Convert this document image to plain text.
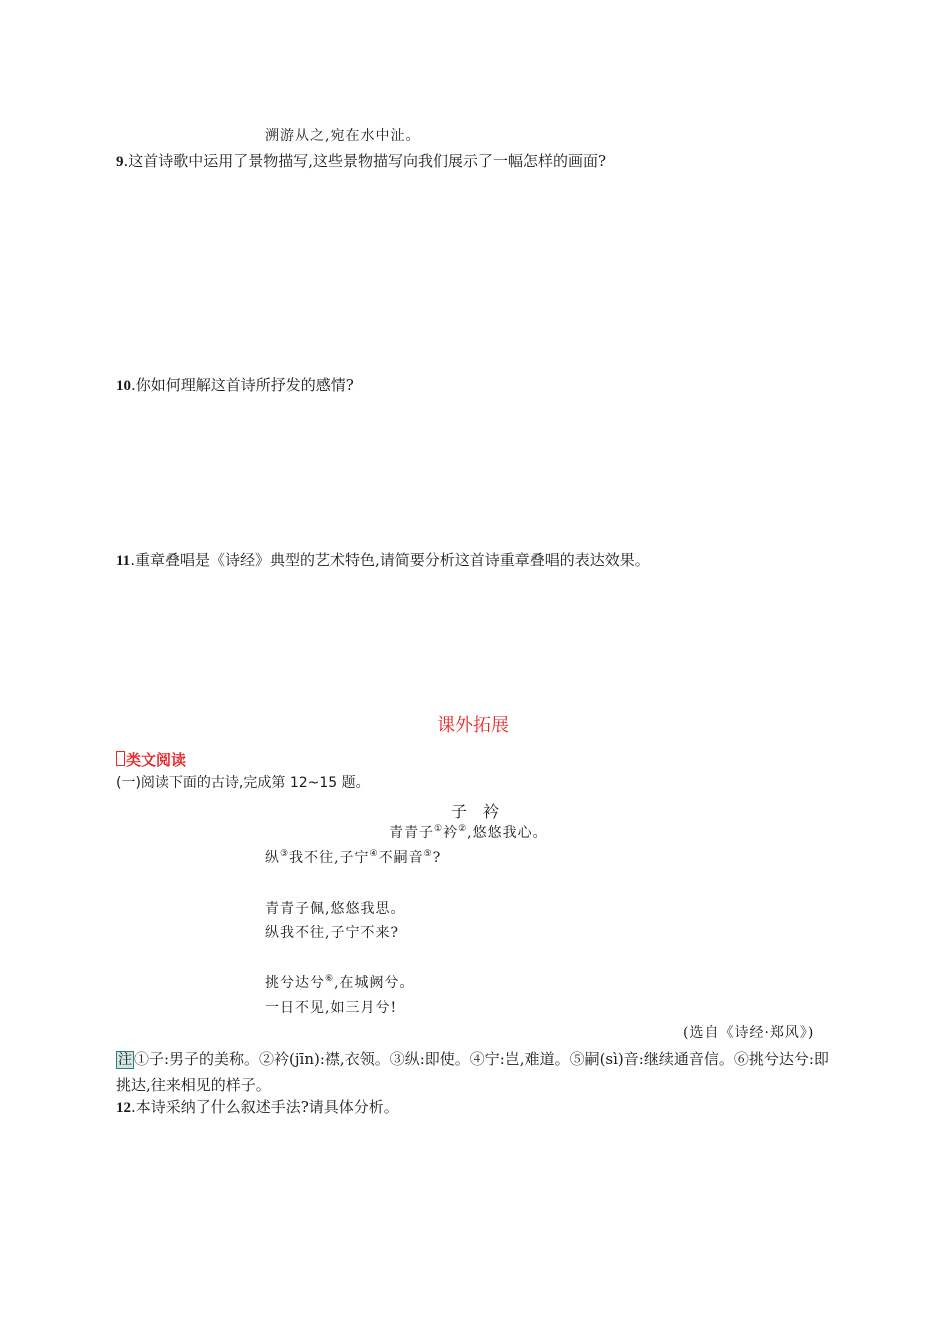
溯游从之,宛在水中沚。
9.这首诗歌中运用了景物描写,这些景物描写向我们展示了一幅怎样的画面?
10.你如何理解这首诗所抒发的感情?
11.重章叠唱是《诗经》典型的艺术特色,请简要分析这首诗重章叠唱的表达效果。
课外拓展
类文阅读
(一)阅读下面的古诗,完成第 12~15 题。
子　衿
青青子①衿②,悠悠我心。
纵③我不往,子宁④不嗣音⑤?
青青子佩,悠悠我思。
纵我不往,子宁不来?
挑兮达兮⑥,在城阙兮。
一日不见,如三月兮!
(选自《诗经·郑风》)
注 ①子:男子的美称。②衿(jīn):襟,衣领。③纵:即使。④宁:岂,难道。⑤嗣(sì)音:继续通音信。⑥挑兮达兮:即挑达,往来相见的样子。
12.本诗采纳了什么叙述手法?请具体分析。
